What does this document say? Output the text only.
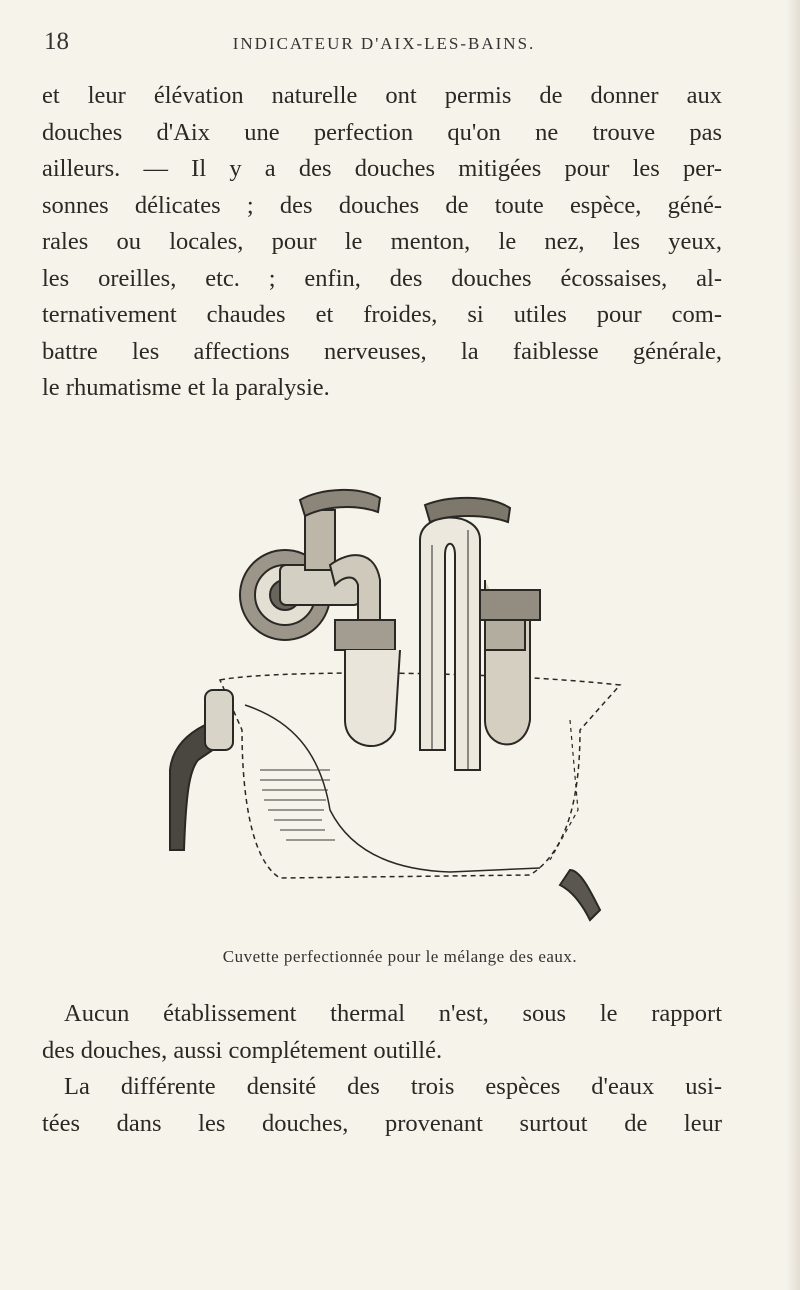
18	INDICATEUR D'AIX-LES-BAINS.
et leur élévation naturelle ont permis de donner aux
douches d'Aix une perfection qu'on ne trouve pas
ailleurs. — Il y a des douches mitigées pour les per-
sonnes délicates ; des douches de toute espèce, géné-
rales ou locales, pour le menton, le nez, les yeux,
les oreilles, etc. ; enfin, des douches écossaises, al-
ternativement chaudes et froides, si utiles pour com-
battre les affections nerveuses, la faiblesse générale,
le rhumatisme et la paralysie.
Cuvette perfectionnée pour le mélange des eaux.
Aucun établissement thermal n'est, sous le rapport
des douches, aussi complétement outillé.
La différente densité des trois espèces d'eaux usi-
tées dans les douches, provenant surtout de leur
